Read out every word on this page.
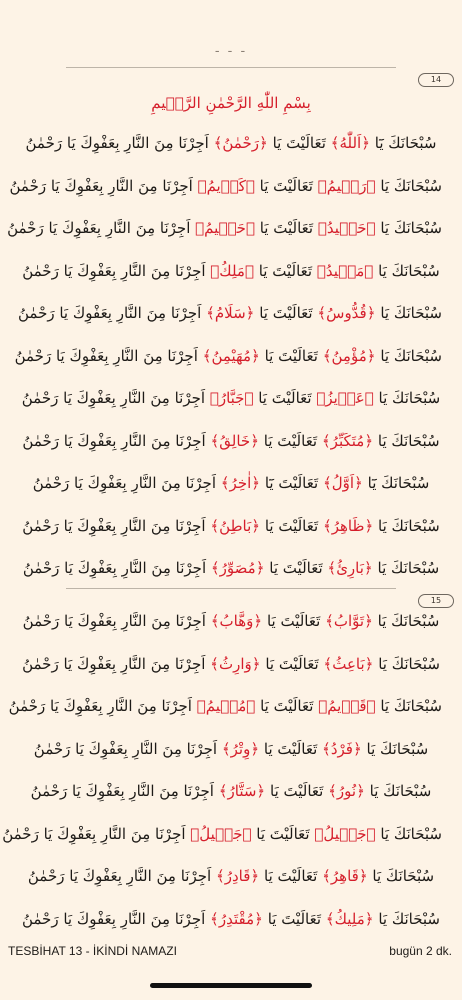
- - -
14
بِسْمِ اللّٰهِ الرَّحْمٰنِ الرَّح۪يمِ
سُبْحَانَكَ يَٓا ﴿اَللّٰهُ﴾ تَعَالَيْتَ يَا ﴿رَحْمٰنُ﴾ اَجِرْنَا مِنَ النَّارِ بِعَفْوِكَ يَا رَحْمٰنُ
سُبْحَانَكَ يَا ﴿رَح۪يمُ﴾ تَعَالَيْتَ يَا ﴿كَر۪يمُ﴾ اَجِرْنَا مِنَ النَّارِ بِعَفْوِكَ يَا رَحْمٰنُ
سُبْحَانَكَ يَا ﴿حَم۪يدُ﴾ تَعَالَيْتَ يَا ﴿حَك۪يمُ﴾ اَجِرْنَا مِنَ النَّارِ بِعَفْوِكَ يَا رَحْمٰنُ
سُبْحَانَكَ يَا ﴿مَج۪يدُ﴾ تَعَالَيْتَ يَا ﴿مَلِكُ﴾ اَجِرْنَا مِنَ النَّارِ بِعَفْوِكَ يَا رَحْمٰنُ
سُبْحَانَكَ يَا ﴿قُدُّوسُ﴾ تَعَالَيْتَ يَا ﴿سَلَامُ﴾ اَجِرْنَا مِنَ النَّارِ بِعَفْوِكَ يَا رَحْمٰنُ
سُبْحَانَكَ يَا ﴿مُؤْمِنُ﴾ تَعَالَيْتَ يَا ﴿مُهَيْمِنُ﴾ اَجِرْنَا مِنَ النَّارِ بِعَفْوِكَ يَا رَحْمٰنُ
سُبْحَانَكَ يَا ﴿عَز۪يزُ﴾ تَعَالَيْتَ يَا ﴿جَبَّارُ﴾ اَجِرْنَا مِنَ النَّارِ بِعَفْوِكَ يَا رَحْمٰنُ
سُبْحَانَكَ يَا ﴿مُتَكَبِّرُ﴾ تَعَالَيْتَ يَا ﴿خَالِقُ﴾ اَجِرْنَا مِنَ النَّارِ بِعَفْوِكَ يَا رَحْمٰنُ
سُبْحَانَكَ يَٓا ﴿اَوَّلُ﴾ تَعَالَيْتَ يَٓا ﴿اٰخِرُ﴾ اَجِرْنَا مِنَ النَّارِ بِعَفْوِكَ يَا رَحْمٰنُ
سُبْحَانَكَ يَا ﴿ظَاهِرُ﴾ تَعَالَيْتَ يَا ﴿بَاطِنُ﴾ اَجِرْنَا مِنَ النَّارِ بِعَفْوِكَ يَا رَحْمٰنُ
سُبْحَانَكَ يَا ﴿بَارِئُ﴾ تَعَالَيْتَ يَا ﴿مُصَوِّرُ﴾ اَجِرْنَا مِنَ النَّارِ بِعَفْوِكَ يَا رَحْمٰنُ
15
سُبْحَانَكَ يَا ﴿تَوَّابُ﴾ تَعَالَيْتَ يَا ﴿وَهَّابُ﴾ اَجِرْنَا مِنَ النَّارِ بِعَفْوِكَ يَا رَحْمٰنُ
سُبْحَانَكَ يَا ﴿بَاعِثُ﴾ تَعَالَيْتَ يَا ﴿وَارِثُ﴾ اَجِرْنَا مِنَ النَّارِ بِعَفْوِكَ يَا رَحْمٰنُ
سُبْحَانَكَ يَا ﴿قَد۪يمُ﴾ تَعَالَيْتَ يَا ﴿مُق۪يمُ﴾ اَجِرْنَا مِنَ النَّارِ بِعَفْوِكَ يَا رَحْمٰنُ
سُبْحَانَكَ يَا ﴿فَرْدُ﴾ تَعَالَيْتَ يَا ﴿وِتْرُ﴾ اَجِرْنَا مِنَ النَّارِ بِعَفْوِكَ يَا رَحْمٰنُ
سُبْحَانَكَ يَا ﴿نُورُ﴾ تَعَالَيْتَ يَا ﴿سَتَّارُ﴾ اَجِرْنَا مِنَ النَّارِ بِعَفْوِكَ يَا رَحْمٰنُ
سُبْحَانَكَ يَا ﴿جَل۪يلُ﴾ تَعَالَيْتَ يَا ﴿جَم۪يلُ﴾ اَجِرْنَا مِنَ النَّارِ بِعَفْوِكَ يَا رَحْمٰنُ
سُبْحَانَكَ يَا ﴿قَاهِرُ﴾ تَعَالَيْتَ يَا ﴿قَادِرُ﴾ اَجِرْنَا مِنَ النَّارِ بِعَفْوِكَ يَا رَحْمٰنُ
سُبْحَانَكَ يَا ﴿مَلِيكُ﴾ تَعَالَيْتَ يَا ﴿مُقْتَدِرُ﴾ اَجِرْنَا مِنَ النَّارِ بِعَفْوِكَ يَا رَحْمٰنُ
TESBİHAT 13 - İKİNDİ NAMAZI	bugün 2 dk.
